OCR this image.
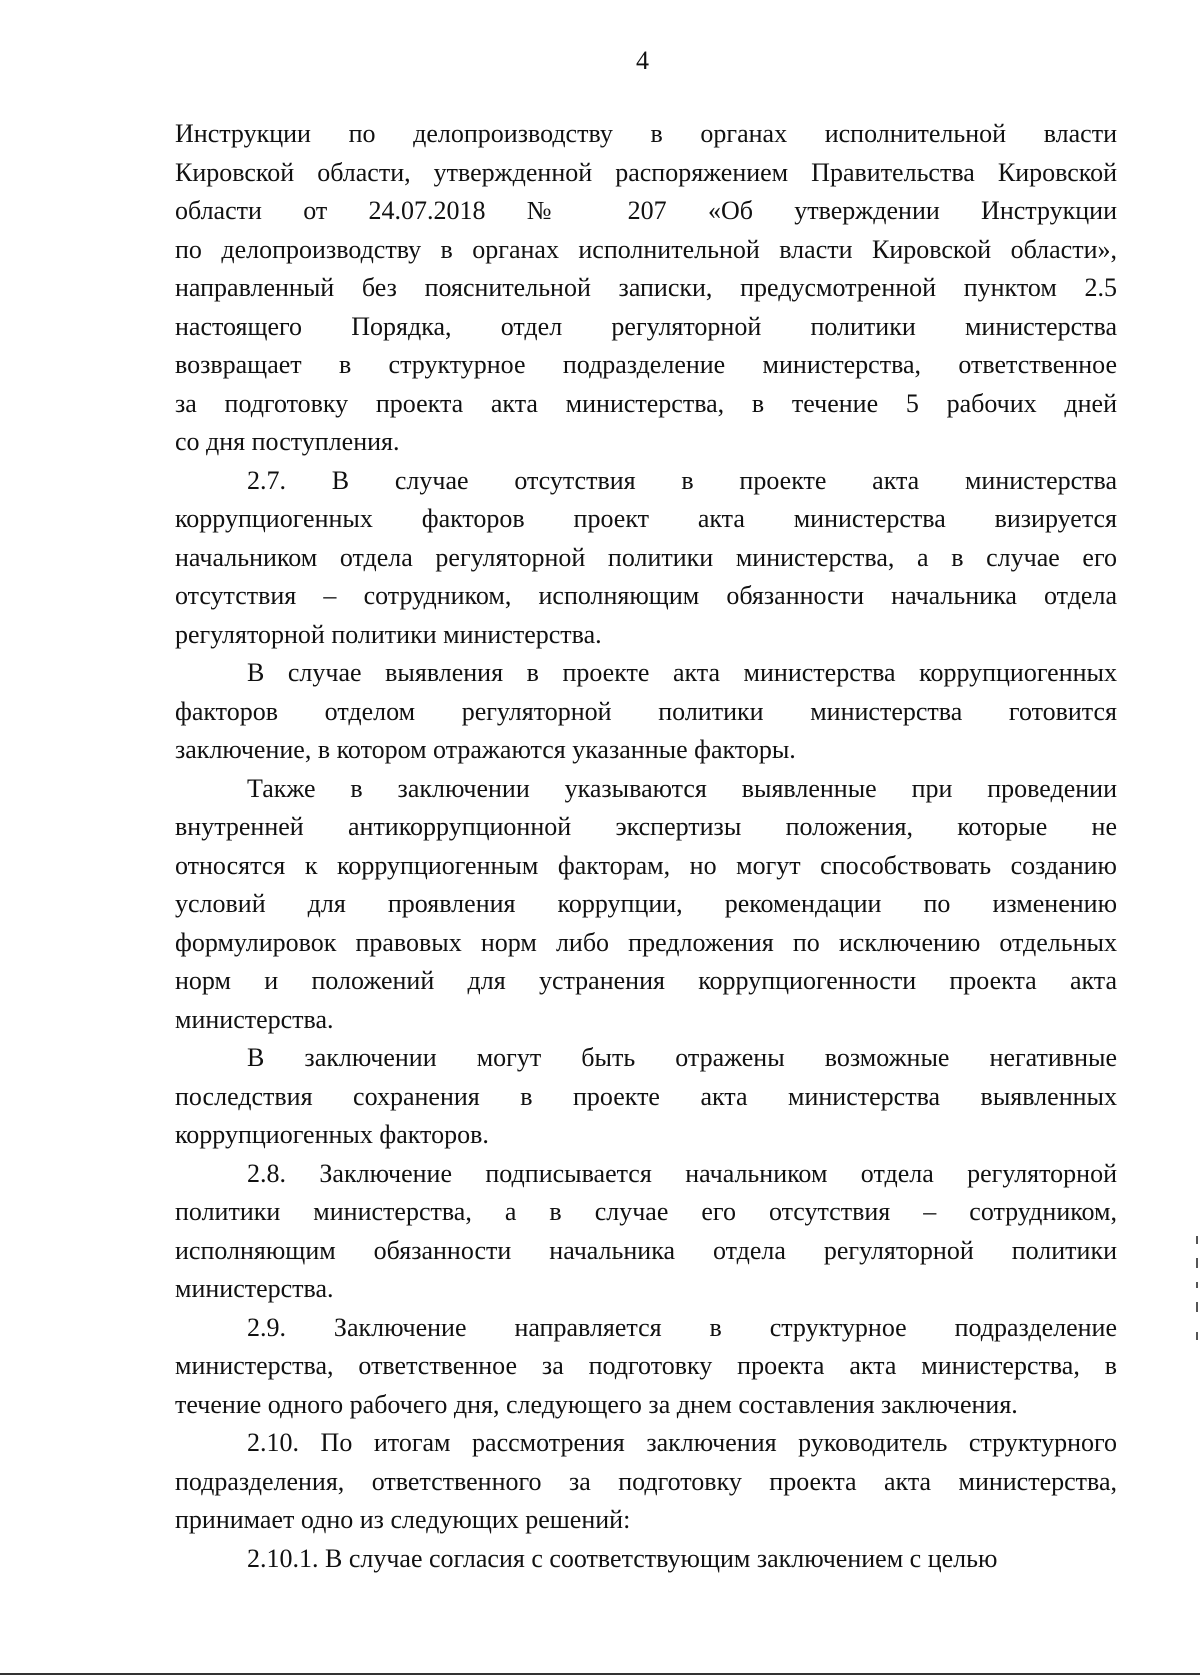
4
Инструкции по делопроизводству в органах исполнительной власти
Кировской области, утвержденной распоряжением Правительства Кировской
области от 24.07.2018 № 207 «Об утверждении Инструкции
по делопроизводству в органах исполнительной власти Кировской области»,
направленный без пояснительной записки, предусмотренной пунктом 2.5
настоящего Порядка, отдел регуляторной политики министерства
возвращает в структурное подразделение министерства, ответственное
за подготовку проекта акта министерства, в течение 5 рабочих дней
со дня поступления.
2.7. В случае отсутствия в проекте акта министерства
коррупциогенных факторов проект акта министерства визируется
начальником отдела регуляторной политики министерства, а в случае его
отсутствия – сотрудником, исполняющим обязанности начальника отдела
регуляторной политики министерства.
В случае выявления в проекте акта министерства коррупциогенных
факторов отделом регуляторной политики министерства готовится
заключение, в котором отражаются указанные факторы.
Также в заключении указываются выявленные при проведении
внутренней антикоррупционной экспертизы положения, которые не
относятся к коррупциогенным факторам, но могут способствовать созданию
условий для проявления коррупции, рекомендации по изменению
формулировок правовых норм либо предложения по исключению отдельных
норм и положений для устранения коррупциогенности проекта акта
министерства.
В заключении могут быть отражены возможные негативные
последствия сохранения в проекте акта министерства выявленных
коррупциогенных факторов.
2.8. Заключение подписывается начальником отдела регуляторной
политики министерства, а в случае его отсутствия – сотрудником,
исполняющим обязанности начальника отдела регуляторной политики
министерства.
2.9. Заключение направляется в структурное подразделение
министерства, ответственное за подготовку проекта акта министерства, в
течение одного рабочего дня, следующего за днем составления заключения.
2.10. По итогам рассмотрения заключения руководитель структурного
подразделения, ответственного за подготовку проекта акта министерства,
принимает одно из следующих решений:
2.10.1. В случае согласия с соответствующим заключением с целью
